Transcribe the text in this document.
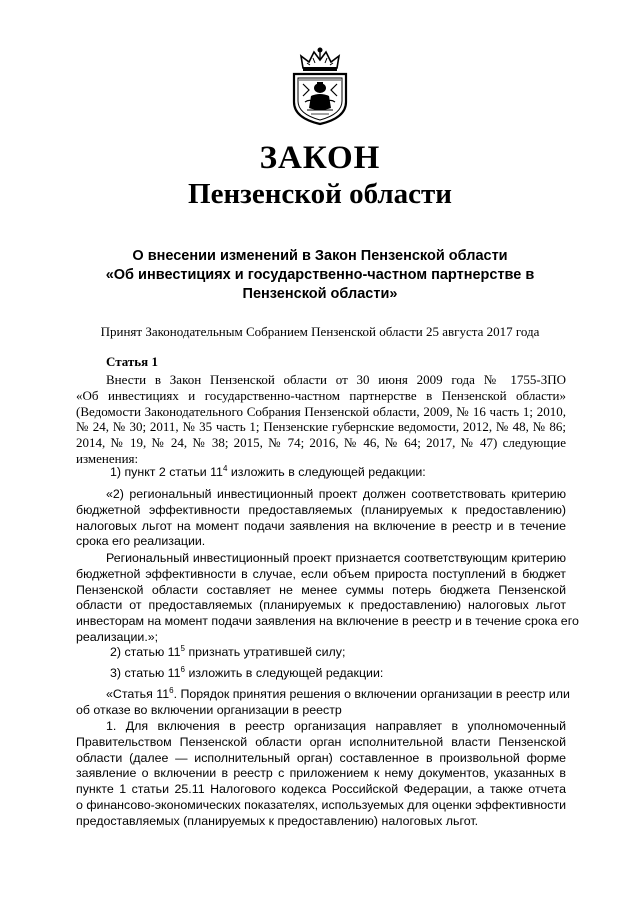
ЗАКОН
Пензенской области
О внесении изменений в Закон Пензенской области
«Об инвестициях и государственно-частном партнерстве в
Пензенской области»
Принят Законодательным Собранием Пензенской области 25 августа 2017 года
Статья 1
Внести в Закон Пензенской области от 30 июня 2009 года № 1755-ЗПО
«Об инвестициях и государственно-частном партнерстве в Пензенской области»
(Ведомости Законодательного Собрания Пензенской области, 2009, № 16 часть 1; 2010,
№ 24, № 30; 2011, № 35 часть 1; Пензенские губернские ведомости, 2012, № 48, № 86;
2014, № 19, № 24, № 38; 2015, № 74; 2016, № 46, № 64; 2017, № 47) следующие
изменения:
1) пункт 2 статьи $11^4$ изложить в следующей редакции:
«2) региональный инвестиционный проект должен соответствовать критерию
бюджетной эффективности предоставляемых (планируемых к предоставлению)
налоговых льгот на момент подачи заявления на включение в реестр и в течение
срока его реализации.
Региональный инвестиционный проект признается соответствующим критерию
бюджетной эффективности в случае, если объем прироста поступлений в бюджет
Пензенской области составляет не менее суммы потерь бюджета Пензенской
области от предоставляемых (планируемых к предоставлению) налоговых льгот
инвесторам на момент подачи заявления на включение в реестр и в течение срока его
реализации.»;
2) статью $11^5$ признать утратившей силу;
3) статью $11^6$ изложить в следующей редакции:
«Статья $11^6$. Порядок принятия решения о включении организации в реестр или
об отказе во включении организации в реестр
1. Для включения в реестр организация направляет в уполномоченный
Правительством Пензенской области орган исполнительной власти Пензенской
области (далее — исполнительный орган) составленное в произвольной форме
заявление о включении в реестр с приложением к нему документов, указанных в
пункте 1 статьи 25.11 Налогового кодекса Российской Федерации, а также отчета
о финансово-экономических показателях, используемых для оценки эффективности
предоставляемых (планируемых к предоставлению) налоговых льгот.
